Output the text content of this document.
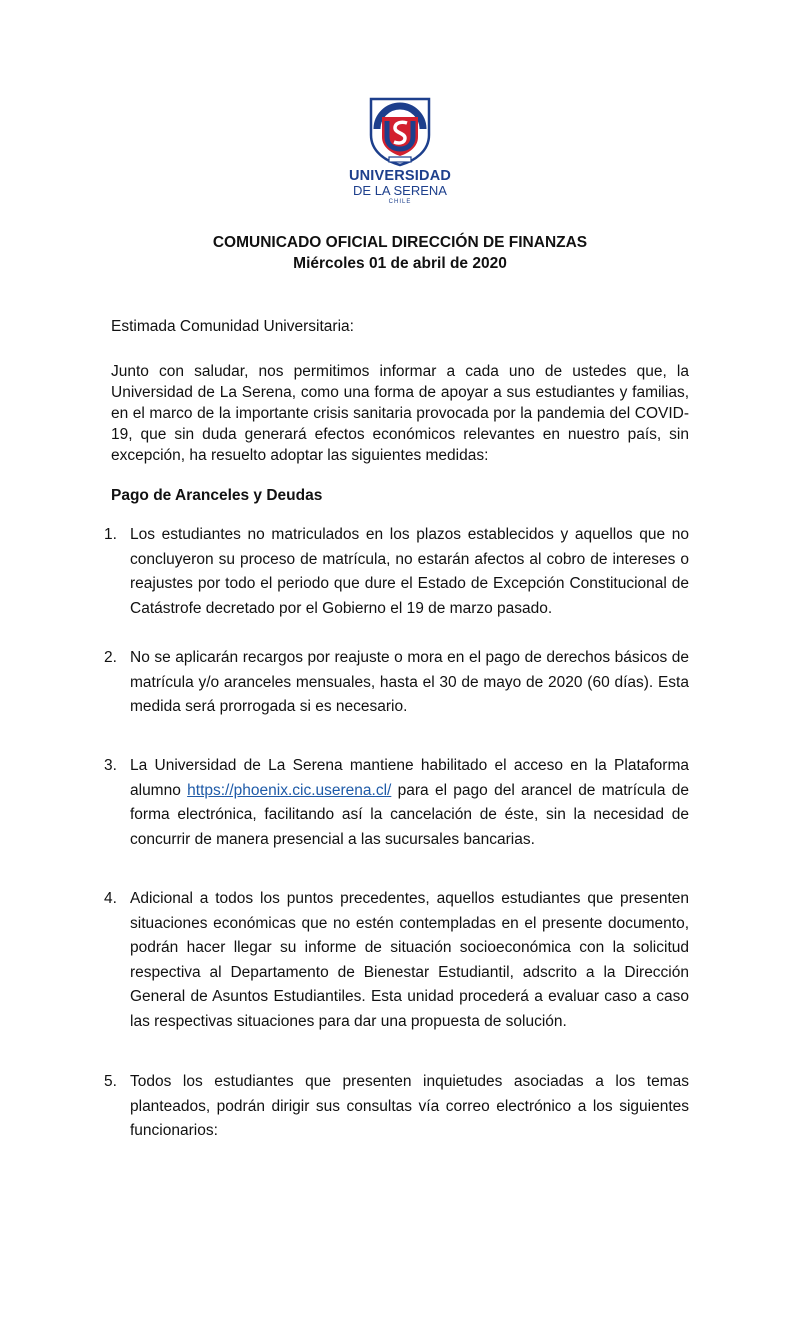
UNIVERSIDAD
DE LA SERENA
CHILE
COMUNICADO OFICIAL DIRECCIÓN DE FINANZAS
Miércoles 01 de abril de 2020
Estimada Comunidad Universitaria:
Junto con saludar, nos permitimos informar a cada uno de ustedes que, la Universidad de La Serena, como una forma de apoyar a sus estudiantes y familias, en el marco de la importante crisis sanitaria provocada por la pandemia del COVID-19, que sin duda generará efectos económicos relevantes en nuestro país, sin excepción, ha resuelto adoptar las siguientes medidas:
Pago de Aranceles y Deudas
1. Los estudiantes no matriculados en los plazos establecidos y aquellos que no concluyeron su proceso de matrícula, no estarán afectos al cobro de intereses o reajustes por todo el periodo que dure el Estado de Excepción Constitucional de Catástrofe decretado por el Gobierno el 19 de marzo pasado.
2. No se aplicarán recargos por reajuste o mora en el pago de derechos básicos de matrícula y/o aranceles mensuales, hasta el 30 de mayo de 2020 (60 días). Esta medida será prorrogada si es necesario.
3. La Universidad de La Serena mantiene habilitado el acceso en la Plataforma alumno https://phoenix.cic.userena.cl/ para el pago del arancel de matrícula de forma electrónica, facilitando así la cancelación de éste, sin la necesidad de concurrir de manera presencial a las sucursales bancarias.
4. Adicional a todos los puntos precedentes, aquellos estudiantes que presenten situaciones económicas que no estén contempladas en el presente documento, podrán hacer llegar su informe de situación socioeconómica con la solicitud respectiva al Departamento de Bienestar Estudiantil, adscrito a la Dirección General de Asuntos Estudiantiles. Esta unidad procederá a evaluar caso a caso las respectivas situaciones para dar una propuesta de solución.
5. Todos los estudiantes que presenten inquietudes asociadas a los temas planteados, podrán dirigir sus consultas vía correo electrónico a los siguientes funcionarios:
